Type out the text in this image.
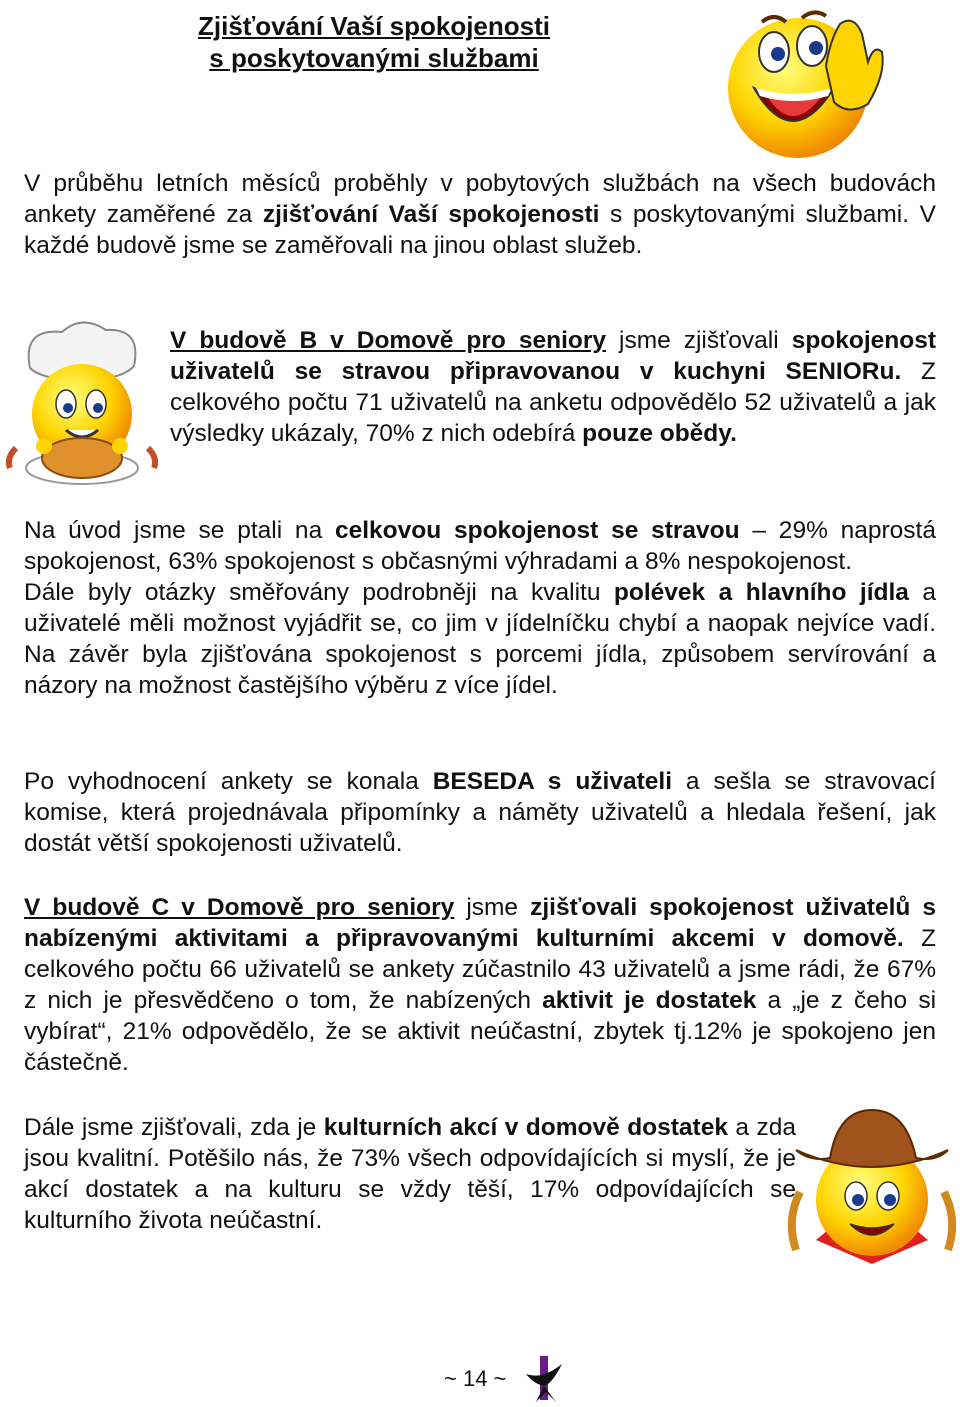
Zjišťování Vaší spokojenosti
s poskytovanými službami
V průběhu letních měsíců proběhly v pobytových službách na všech budovách ankety zaměřené za zjišťování Vaší spokojenosti s poskytovanými službami. V každé budově jsme se zaměřovali na jinou oblast služeb.
V budově B v Domově pro seniory jsme zjišťovali spokojenost uživatelů se stravou připravovanou v kuchyni SENIORu. Z celkového počtu 71 uživatelů na anketu odpovědělo 52 uživatelů a jak výsledky ukázaly, 70% z nich odebírá pouze obědy.
Na úvod jsme se ptali na celkovou spokojenost se stravou – 29% naprostá spokojenost, 63% spokojenost s občasnými výhradami a 8% nespokojenost.
Dále byly otázky směřovány podrobněji na kvalitu polévek a hlavního jídla a uživatelé měli možnost vyjádřit se, co jim v jídelníčku chybí a naopak nejvíce vadí. Na závěr byla zjišťována spokojenost s porcemi jídla, způsobem servírování a názory na možnost častějšího výběru z více jídel.
Po vyhodnocení ankety se konala BESEDA s uživateli a sešla se stravovací komise, která projednávala připomínky a náměty uživatelů a hledala řešení, jak dostát větší spokojenosti uživatelů.
V budově C v Domově pro seniory jsme zjišťovali spokojenost uživatelů s nabízenými aktivitami a připravovanými kulturními akcemi v domově. Z celkového počtu 66 uživatelů se ankety zúčastnilo 43 uživatelů a jsme rádi, že 67% z nich je přesvědčeno o tom, že nabízených aktivit je dostatek a „je z čeho si vybírat“, 21% odpovědělo, že se aktivit neúčastní, zbytek tj.12% je spokojeno jen částečně.
Dále jsme zjišťovali, zda je kulturních akcí v domově dostatek a zda jsou kvalitní. Potěšilo nás, že 73% všech odpovídajících si myslí, že je akcí dostatek a na kulturu se vždy těší, 17% odpovídajících se kulturního života neúčastní.
~ 14 ~
